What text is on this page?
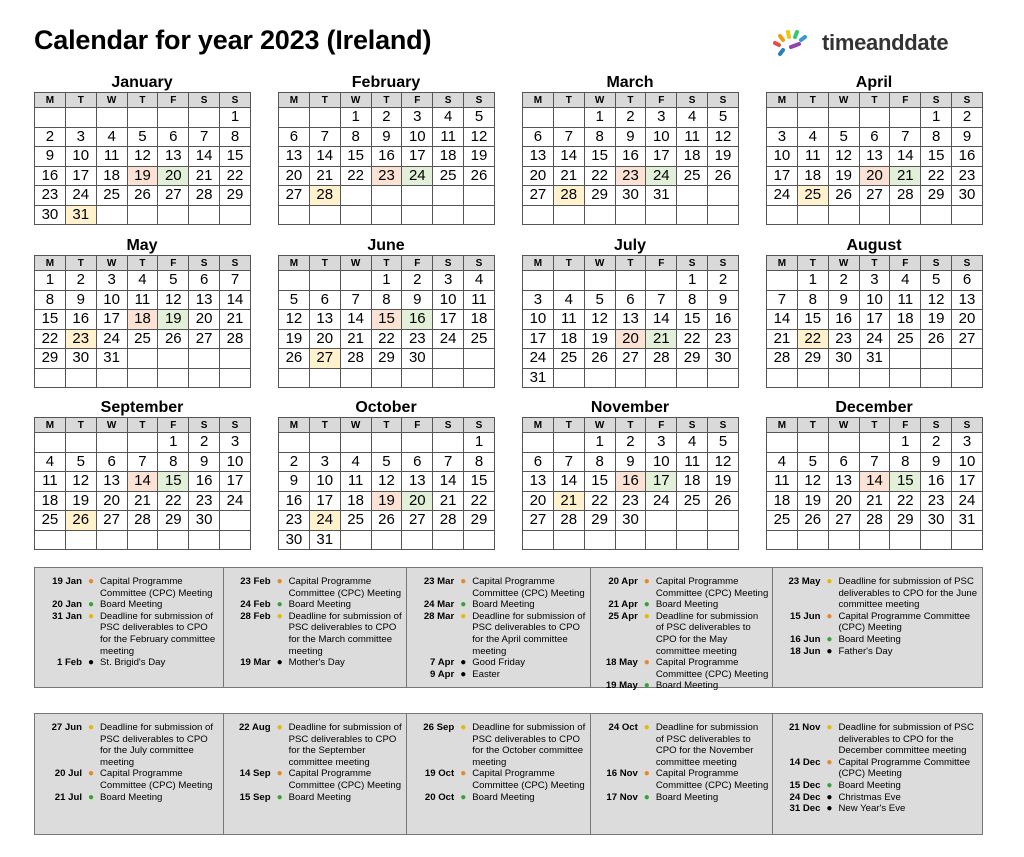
Calendar for year 2023 (Ireland)	timeanddate
January
M	T	W	T	F	S	S
						1
2	3	4	5	6	7	8
9	10	11	12	13	14	15
16	17	18	19	20	21	22
23	24	25	26	27	28	29
30	31					
February
M	T	W	T	F	S	S
		1	2	3	4	5
6	7	8	9	10	11	12
13	14	15	16	17	18	19
20	21	22	23	24	25	26
27	28					

March
M	T	W	T	F	S	S
		1	2	3	4	5
6	7	8	9	10	11	12
13	14	15	16	17	18	19
20	21	22	23	24	25	26
27	28	29	30	31		

April
M	T	W	T	F	S	S
					1	2
3	4	5	6	7	8	9
10	11	12	13	14	15	16
17	18	19	20	21	22	23
24	25	26	27	28	29	30

May
M	T	W	T	F	S	S
1	2	3	4	5	6	7
8	9	10	11	12	13	14
15	16	17	18	19	20	21
22	23	24	25	26	27	28
29	30	31				

June
M	T	W	T	F	S	S
			1	2	3	4
5	6	7	8	9	10	11
12	13	14	15	16	17	18
19	20	21	22	23	24	25
26	27	28	29	30		

July
M	T	W	T	F	S	S
					1	2
3	4	5	6	7	8	9
10	11	12	13	14	15	16
17	18	19	20	21	22	23
24	25	26	27	28	29	30
31						
August
M	T	W	T	F	S	S
	1	2	3	4	5	6
7	8	9	10	11	12	13
14	15	16	17	18	19	20
21	22	23	24	25	26	27
28	29	30	31			

September
M	T	W	T	F	S	S
				1	2	3
4	5	6	7	8	9	10
11	12	13	14	15	16	17
18	19	20	21	22	23	24
25	26	27	28	29	30	

October
M	T	W	T	F	S	S
						1
2	3	4	5	6	7	8
9	10	11	12	13	14	15
16	17	18	19	20	21	22
23	24	25	26	27	28	29
30	31					
November
M	T	W	T	F	S	S
		1	2	3	4	5
6	7	8	9	10	11	12
13	14	15	16	17	18	19
20	21	22	23	24	25	26
27	28	29	30			

December
M	T	W	T	F	S	S
				1	2	3
4	5	6	7	8	9	10
11	12	13	14	15	16	17
18	19	20	21	22	23	24
25	26	27	28	29	30	31

19 Jan ● Capital Programme Committee (CPC) Meeting
20 Jan ● Board Meeting
31 Jan ● Deadline for submission of PSC deliverables to CPO for the February committee meeting
1 Feb ● St. Brigid's Day
23 Feb ● Capital Programme Committee (CPC) Meeting
24 Feb ● Board Meeting
28 Feb ● Deadline for submission of PSC deliverables to CPO for the March committee meeting
19 Mar ● Mother's Day
23 Mar ● Capital Programme Committee (CPC) Meeting
24 Mar ● Board Meeting
28 Mar ● Deadline for submission of PSC deliverables to CPO for the April committee meeting
7 Apr ● Good Friday
9 Apr ● Easter
20 Apr ● Capital Programme Committee (CPC) Meeting
21 Apr ● Board Meeting
25 Apr ● Deadline for submission of PSC deliverables to CPO for the May committee meeting
18 May ● Capital Programme Committee (CPC) Meeting
19 May ● Board Meeting
23 May ● Deadline for submission of PSC deliverables to CPO for the June committee meeting
15 Jun ● Capital Programme Committee (CPC) Meeting
16 Jun ● Board Meeting
18 Jun ● Father's Day
27 Jun ● Deadline for submission of PSC deliverables to CPO for the July committee meeting
20 Jul ● Capital Programme Committee (CPC) Meeting
21 Jul ● Board Meeting
22 Aug ● Deadline for submission of PSC deliverables to CPO for the September committee meeting
14 Sep ● Capital Programme Committee (CPC) Meeting
15 Sep ● Board Meeting
26 Sep ● Deadline for submission of PSC deliverables to CPO for the October committee meeting
19 Oct ● Capital Programme Committee (CPC) Meeting
20 Oct ● Board Meeting
24 Oct ● Deadline for submission of PSC deliverables to CPO for the November committee meeting
16 Nov ● Capital Programme Committee (CPC) Meeting
17 Nov ● Board Meeting
21 Nov ● Deadline for submission of PSC deliverables to CPO for the December committee meeting
14 Dec ● Capital Programme Committee (CPC) Meeting
15 Dec ● Board Meeting
24 Dec ● Christmas Eve
31 Dec ● New Year's Eve
